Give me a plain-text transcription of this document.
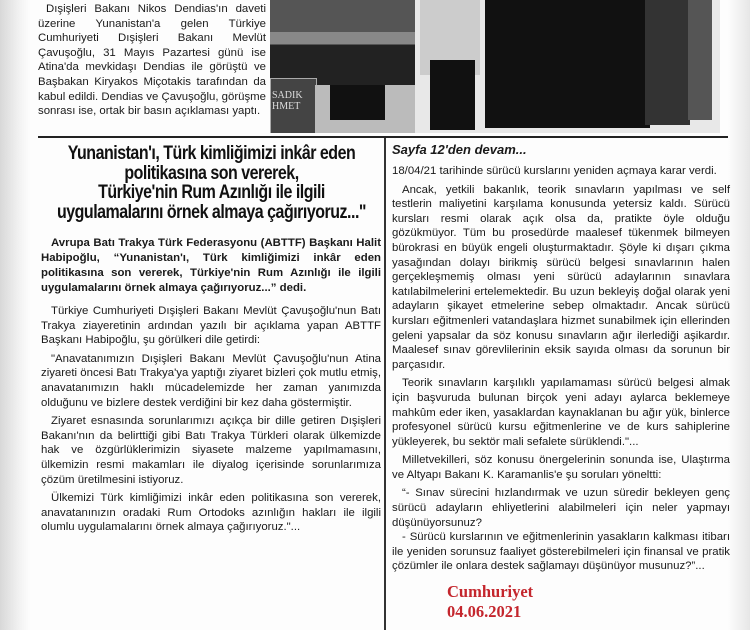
Dışişleri Bakanı Nikos Dendias'ın daveti üzerine Yunanistan'a gelen Türkiye Cumhuriyeti Dışişleri Bakanı Mevlüt Çavuşoğlu, 31 Mayıs Pazartesi günü ise Atina'da mevkidaşı Dendias ile görüştü ve Başbakan Kiryakos Miçotakis tarafından da kabul edildi. Dendias ve Çavuşoğlu, görüşme sonrası ise, ortak bir basın açıklaması yaptı.
SADIK HMET
Yunanistan'ı, Türk kimliğimizi inkâr eden
politikasına son vererek,
Türkiye'nin Rum Azınlığı ile ilgili
uygulamalarını örnek almaya çağırıyoruz..."
Avrupa Batı Trakya Türk Federasyonu (ABTTF) Başkanı Halit Habipoğlu, “Yunanistan'ı, Türk kimliğimizi inkâr eden politikasına son vererek, Türkiye'nin Rum Azınlığı ile ilgili uygulamalarını örnek almaya çağırıyoruz...” dedi.

Türkiye Cumhuriyeti Dışişleri Bakanı Mevlüt Çavuşoğlu'nun Batı Trakya ziayeretinin ardından yazılı bir açıklama yapan ABTTF Başkanı Habipoğlu, şu görülkeri dile getirdi:

"Anavatanımızın Dışişleri Bakanı Mevlüt Çavuşoğlu'nun Atina ziyareti öncesi Batı Trakya'ya yaptığı ziyaret bizleri çok mutlu etmiş, anavatanımızın haklı mücadelemizde her zaman yanımızda olduğunu ve bizlere destek verdiğini bir kez daha göstermiştir.

Ziyaret esnasında sorunlarımızı açıkça bir dille getiren Dışişleri Bakanı'nın da belirttiği gibi Batı Trakya Türkleri olarak ülkemizde hak ve özgürlüklerimizin siyasete malzeme yapılmamasını, ülkemizin resmi makamları ile diyalog içerisinde sorunlarımıza çözüm üretilmesini istiyoruz.

Ülkemizi Türk kimliğimizi inkâr eden politikasına son vererek, anavatanınızın oradaki Rum Ortodoks azınlığın hakları ile ilgili olumlu uygulamalarını örnek almaya çağırıyoruz."...

Sayfa 12'den devam...

18/04/21 tarihinde sürücü kurslarını yeniden açmaya karar verdi.

Ancak, yetkili bakanlık, teorik sınavların yapılması ve self testlerin maliyetini karşılama konusunda yetersiz kaldı. Sürücü kursları resmi olarak açık olsa da, pratikte öyle olduğu gözükmüyor. Tüm bu prosedürde maalesef tükenmek bilmeyen bürokrasi en büyük engeli oluşturmaktadır. Şöyle ki dışarı çıkma yasağından dolayı birikmiş sürücü belgesi sınavlarının halen gerçekleşmemiş olması yeni sürücü adaylarının sınavlara katılabilmelerini ertelemektedir. Bu uzun bekleyiş doğal olarak yeni adayların şikayet etmelerine sebep olmaktadır. Ancak sürücü kursları eğitmenleri vatandaşlara hizmet sunabilmek için ellerinden geleni yapsalar da söz konusu sınavların ağır ilerlediği aşikardır. Maalesef sınav görevlilerinin eksik sayıda olması da sorunun bir parçasıdır.

Teorik sınavların karşılıklı yapılamaması sürücü belgesi almak için başvuruda bulunan birçok yeni adayı aylarca beklemeye mahkûm eder iken, yasaklardan kaynaklanan bu ağır yük, binlerce profesyonel sürücü kursu eğitmenlerine ve de kurs sahiplerine yükleyerek, bu sektör mali sefalete sürüklendi."...

Milletvekilleri, söz konusu önergelerinin sonunda ise, Ulaştırma ve Altyapı Bakanı K. Karamanlis'e şu soruları yöneltti:

“- Sınav sürecini hızlandırmak ve uzun süredir bekleyen genç sürücü adayların ehliyetlerini alabilmeleri için neler yapmayı düşünüyorsunuz?

- Sürücü kurslarının ve eğitmenlerinin yasakların kalkması itibarı ile yeniden sorunsuz faaliyet gösterebilmeleri için finansal ve pratik çözümler ile onlara destek sağlamayı düşünüyor musunuz?”...

Cumhuriyet
04.06.2021
